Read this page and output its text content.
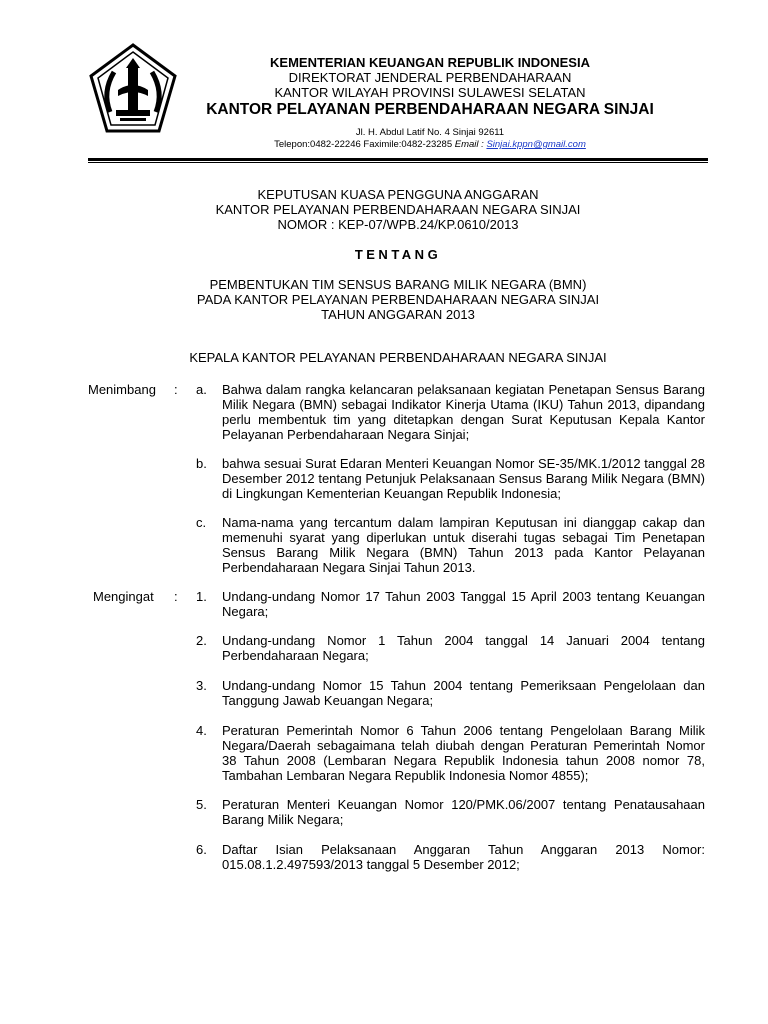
KEMENTERIAN KEUANGAN REPUBLIK INDONESIA
DIREKTORAT JENDERAL PERBENDAHARAAN
KANTOR WILAYAH PROVINSI SULAWESI SELATAN
KANTOR PELAYANAN PERBENDAHARAAN NEGARA SINJAI
Jl. H. Abdul Latif No. 4 Sinjai 92611
Telepon:0482-22246 Faximile:0482-23285 Email : Sinjai.kppn@gmail.com
KEPUTUSAN KUASA PENGGUNA ANGGARAN
KANTOR PELAYANAN PERBENDAHARAAN NEGARA SINJAI
NOMOR : KEP-07/WPB.24/KP.0610/2013
TENTANG
PEMBENTUKAN TIM SENSUS BARANG MILIK NEGARA (BMN)
PADA KANTOR PELAYANAN PERBENDAHARAAN NEGARA SINJAI
TAHUN ANGGARAN 2013
KEPALA KANTOR PELAYANAN PERBENDAHARAAN NEGARA SINJAI
Menimbang : a. Bahwa dalam rangka kelancaran pelaksanaan kegiatan Penetapan Sensus Barang Milik Negara (BMN) sebagai Indikator Kinerja Utama (IKU) Tahun 2013, dipandang perlu membentuk tim yang ditetapkan dengan Surat Keputusan Kepala Kantor Pelayanan Perbendaharaan Negara Sinjai;
b. bahwa sesuai Surat Edaran Menteri Keuangan Nomor SE-35/MK.1/2012 tanggal 28 Desember 2012 tentang Petunjuk Pelaksanaan Sensus Barang Milik Negara (BMN) di Lingkungan Kementerian Keuangan Republik Indonesia;
c. Nama-nama yang tercantum dalam lampiran Keputusan ini dianggap cakap dan memenuhi syarat yang diperlukan untuk diserahi tugas sebagai Tim Penetapan Sensus Barang Milik Negara (BMN) Tahun 2013 pada Kantor Pelayanan Perbendaharaan Negara Sinjai Tahun 2013.
Mengingat : 1. Undang-undang Nomor 17 Tahun 2003 Tanggal 15 April 2003 tentang Keuangan Negara;
2. Undang-undang Nomor 1 Tahun 2004 tanggal 14 Januari 2004 tentang Perbendaharaan Negara;
3. Undang-undang Nomor 15 Tahun 2004 tentang Pemeriksaan Pengelolaan dan Tanggung Jawab Keuangan Negara;
4. Peraturan Pemerintah Nomor 6 Tahun 2006 tentang Pengelolaan Barang Milik Negara/Daerah sebagaimana telah diubah dengan Peraturan Pemerintah Nomor 38 Tahun 2008 (Lembaran Negara Republik Indonesia tahun 2008 nomor 78, Tambahan Lembaran Negara Republik Indonesia Nomor 4855);
5. Peraturan Menteri Keuangan Nomor 120/PMK.06/2007 tentang Penatausahaan Barang Milik Negara;
6. Daftar Isian Pelaksanaan Anggaran Tahun Anggaran 2013 Nomor: 015.08.1.2.497593/2013 tanggal 5 Desember 2012;
